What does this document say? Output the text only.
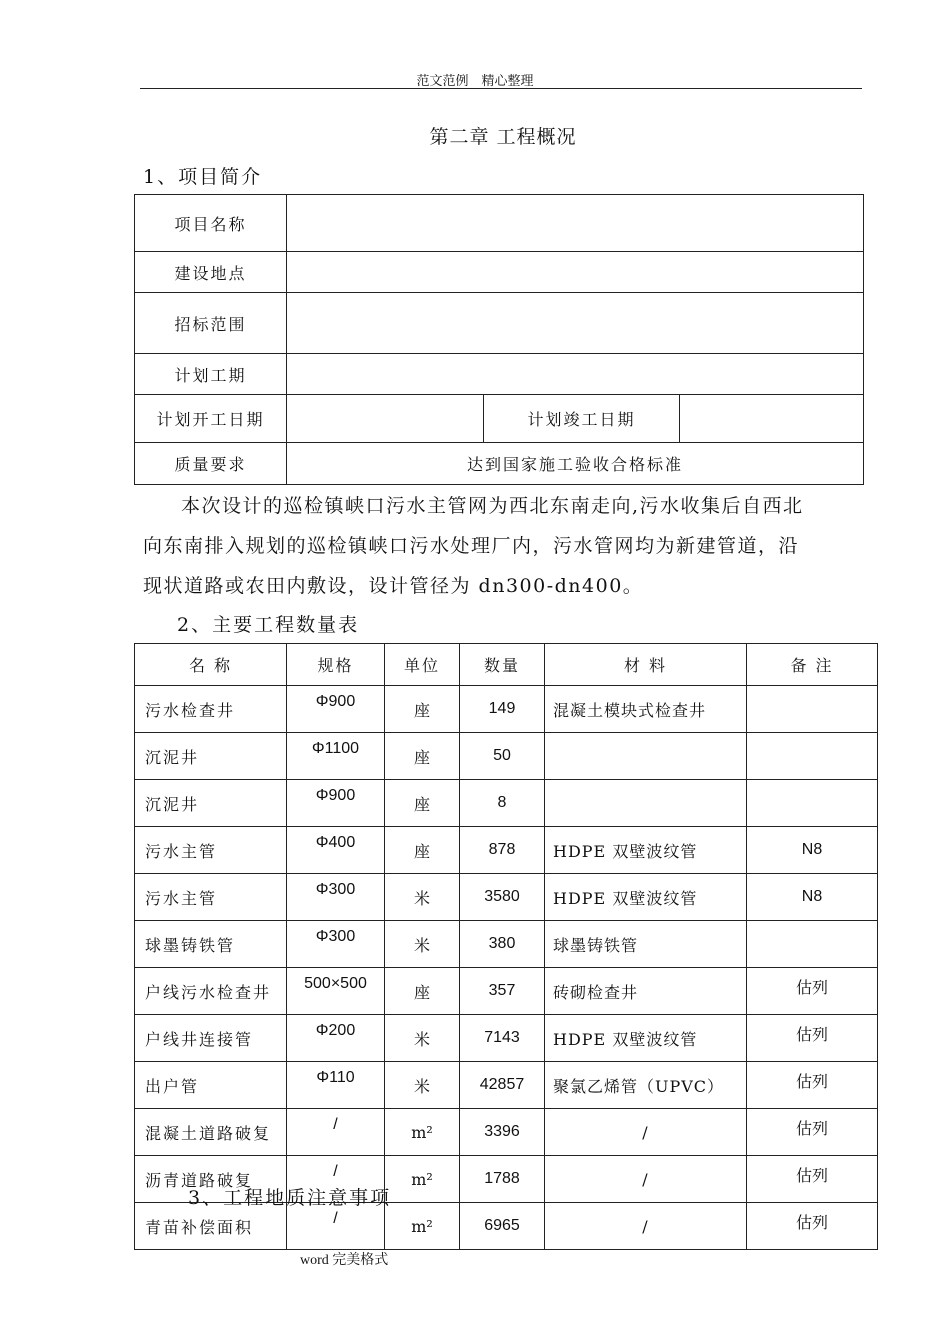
范文范例　精心整理
第二章 工程概况
1、项目简介
项目名称			
建设地点			
招标范围			
计划工期			
计划开工日期		计划竣工日期	
质量要求	达到国家施工验收合格标准		
本次设计的巡检镇峡口污水主管网为西北东南走向,污水收集后自西北
向东南排入规划的巡检镇峡口污水处理厂内，污水管网均为新建管道，沿
现状道路或农田内敷设，设计管径为 dn300-dn400。
2、主要工程数量表
名 称	规格	单位	数量	材 料	备 注
污水检查井	Φ900	座	149	混凝土模块式检查井	
沉泥井	Φ1100	座	50		
沉泥井	Φ900	座	8		
污水主管	Φ400	座	878	HDPE 双壁波纹管	N8
污水主管	Φ300	米	3580	HDPE 双壁波纹管	N8
球墨铸铁管	Φ300	米	380	球墨铸铁管	
户线污水检查井	500×500	座	357	砖砌检查井	估列
户线井连接管	Φ200	米	7143	HDPE 双壁波纹管	估列
出户管	Φ110	米	42857	聚氯乙烯管（UPVC）	估列
混凝土道路破复	/	m²	3396	/	估列
沥青道路破复	/	m²	1788	/	估列
青苗补偿面积	/	m²	6965	/	估列
3、工程地质注意事项
word 完美格式
